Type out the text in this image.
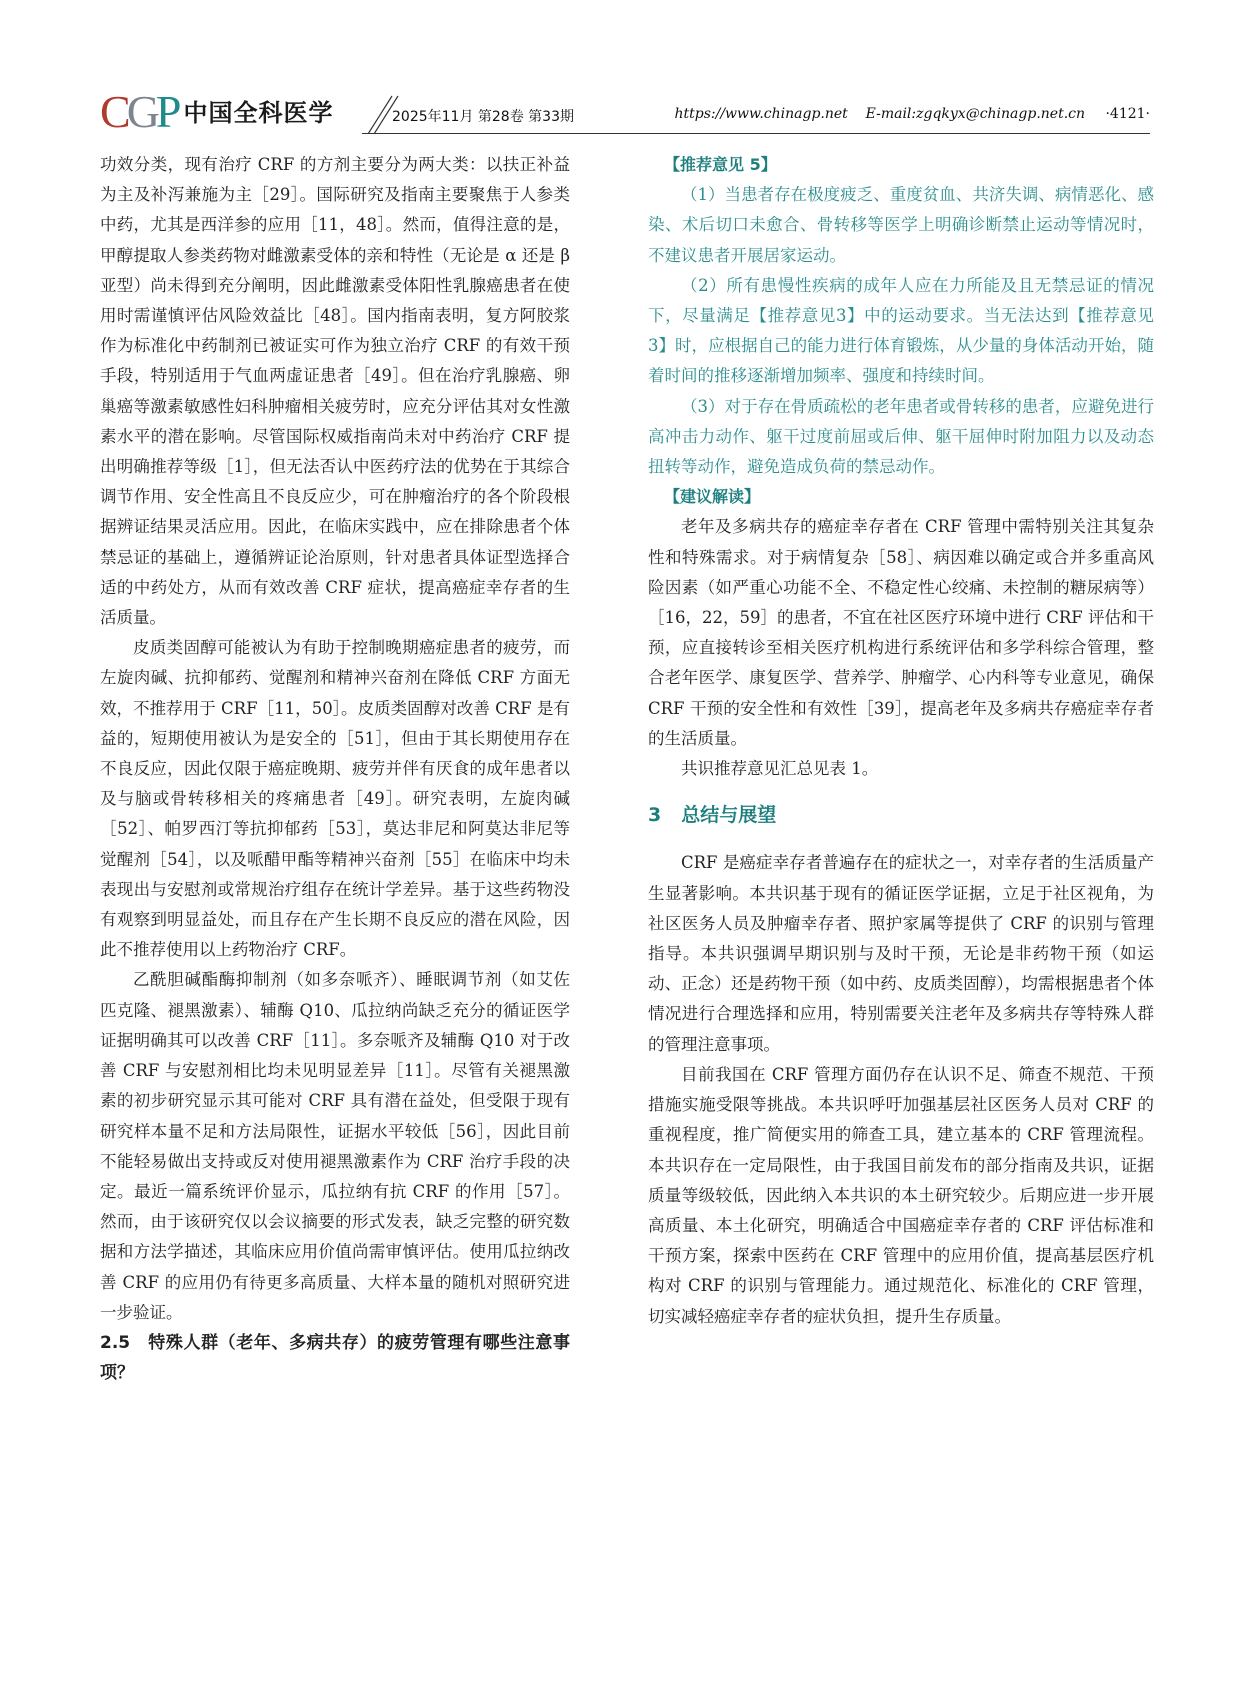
CGP 中国全科医学	2025年11月 第28卷 第33期	https://www.chinagp.net E-mail:zgqkyx@chinagp.net.cn ·4121·

功效分类，现有治疗 CRF 的方剂主要分为两大类：以扶正补益为主及补泻兼施为主［29］。国际研究及指南主要聚焦于人参类中药，尤其是西洋参的应用［11，48］。然而，值得注意的是，甲醇提取人参类药物对雌激素受体的亲和特性（无论是 α 还是 β 亚型）尚未得到充分阐明，因此雌激素受体阳性乳腺癌患者在使用时需谨慎评估风险效益比［48］。国内指南表明，复方阿胶浆作为标准化中药制剂已被证实可作为独立治疗 CRF 的有效干预手段，特别适用于气血两虚证患者［49］。但在治疗乳腺癌、卵巢癌等激素敏感性妇科肿瘤相关疲劳时，应充分评估其对女性激素水平的潜在影响。尽管国际权威指南尚未对中药治疗 CRF 提出明确推荐等级［1］，但无法否认中医药疗法的优势在于其综合调节作用、安全性高且不良反应少，可在肿瘤治疗的各个阶段根据辨证结果灵活应用。因此，在临床实践中，应在排除患者个体禁忌证的基础上，遵循辨证论治原则，针对患者具体证型选择合适的中药处方，从而有效改善 CRF 症状，提高癌症幸存者的生活质量。

皮质类固醇可能被认为有助于控制晚期癌症患者的疲劳，而左旋肉碱、抗抑郁药、觉醒剂和精神兴奋剂在降低 CRF 方面无效，不推荐用于 CRF［11，50］。皮质类固醇对改善 CRF 是有益的，短期使用被认为是安全的［51］，但由于其长期使用存在不良反应，因此仅限于癌症晚期、疲劳并伴有厌食的成年患者以及与脑或骨转移相关的疼痛患者［49］。研究表明，左旋肉碱［52］、帕罗西汀等抗抑郁药［53］，莫达非尼和阿莫达非尼等觉醒剂［54］，以及哌醋甲酯等精神兴奋剂［55］在临床中均未表现出与安慰剂或常规治疗组存在统计学差异。基于这些药物没有观察到明显益处，而且存在产生长期不良反应的潜在风险，因此不推荐使用以上药物治疗 CRF。

乙酰胆碱酯酶抑制剂（如多奈哌齐）、睡眠调节剂（如艾佐匹克隆、褪黑激素）、辅酶 Q10、瓜拉纳尚缺乏充分的循证医学证据明确其可以改善 CRF［11］。多奈哌齐及辅酶 Q10 对于改善 CRF 与安慰剂相比均未见明显差异［11］。尽管有关褪黑激素的初步研究显示其可能对 CRF 具有潜在益处，但受限于现有研究样本量不足和方法局限性，证据水平较低［56］，因此目前不能轻易做出支持或反对使用褪黑激素作为 CRF 治疗手段的决定。最近一篇系统评价显示，瓜拉纳有抗 CRF 的作用［57］。然而，由于该研究仅以会议摘要的形式发表，缺乏完整的研究数据和方法学描述，其临床应用价值尚需审慎评估。使用瓜拉纳改善 CRF 的应用仍有待更多高质量、大样本量的随机对照研究进一步验证。

2.5　特殊人群（老年、多病共存）的疲劳管理有哪些注意事项？

【推荐意见 5】

（1）当患者存在极度疲乏、重度贫血、共济失调、病情恶化、感染、术后切口未愈合、骨转移等医学上明确诊断禁止运动等情况时，不建议患者开展居家运动。

（2）所有患慢性疾病的成年人应在力所能及且无禁忌证的情况下，尽量满足【推荐意见3】中的运动要求。当无法达到【推荐意见3】时，应根据自己的能力进行体育锻炼，从少量的身体活动开始，随着时间的推移逐渐增加频率、强度和持续时间。

（3）对于存在骨质疏松的老年患者或骨转移的患者，应避免进行高冲击力动作、躯干过度前屈或后伸、躯干屈伸时附加阻力以及动态扭转等动作，避免造成负荷的禁忌动作。

【建议解读】

老年及多病共存的癌症幸存者在 CRF 管理中需特别关注其复杂性和特殊需求。对于病情复杂［58］、病因难以确定或合并多重高风险因素（如严重心功能不全、不稳定性心绞痛、未控制的糖尿病等）［16，22，59］的患者，不宜在社区医疗环境中进行 CRF 评估和干预，应直接转诊至相关医疗机构进行系统评估和多学科综合管理，整合老年医学、康复医学、营养学、肿瘤学、心内科等专业意见，确保 CRF 干预的安全性和有效性［39］，提高老年及多病共存癌症幸存者的生活质量。

共识推荐意见汇总见表 1。

3 总结与展望

CRF 是癌症幸存者普遍存在的症状之一，对幸存者的生活质量产生显著影响。本共识基于现有的循证医学证据，立足于社区视角，为社区医务人员及肿瘤幸存者、照护家属等提供了 CRF 的识别与管理指导。本共识强调早期识别与及时干预，无论是非药物干预（如运动、正念）还是药物干预（如中药、皮质类固醇），均需根据患者个体情况进行合理选择和应用，特别需要关注老年及多病共存等特殊人群的管理注意事项。

目前我国在 CRF 管理方面仍存在认识不足、筛查不规范、干预措施实施受限等挑战。本共识呼吁加强基层社区医务人员对 CRF 的重视程度，推广简便实用的筛查工具，建立基本的 CRF 管理流程。本共识存在一定局限性，由于我国目前发布的部分指南及共识，证据质量等级较低，因此纳入本共识的本土研究较少。后期应进一步开展高质量、本土化研究，明确适合中国癌症幸存者的 CRF 评估标准和干预方案，探索中医药在 CRF 管理中的应用价值，提高基层医疗机构对 CRF 的识别与管理能力。通过规范化、标准化的 CRF 管理，切实减轻癌症幸存者的症状负担，提升生存质量。
